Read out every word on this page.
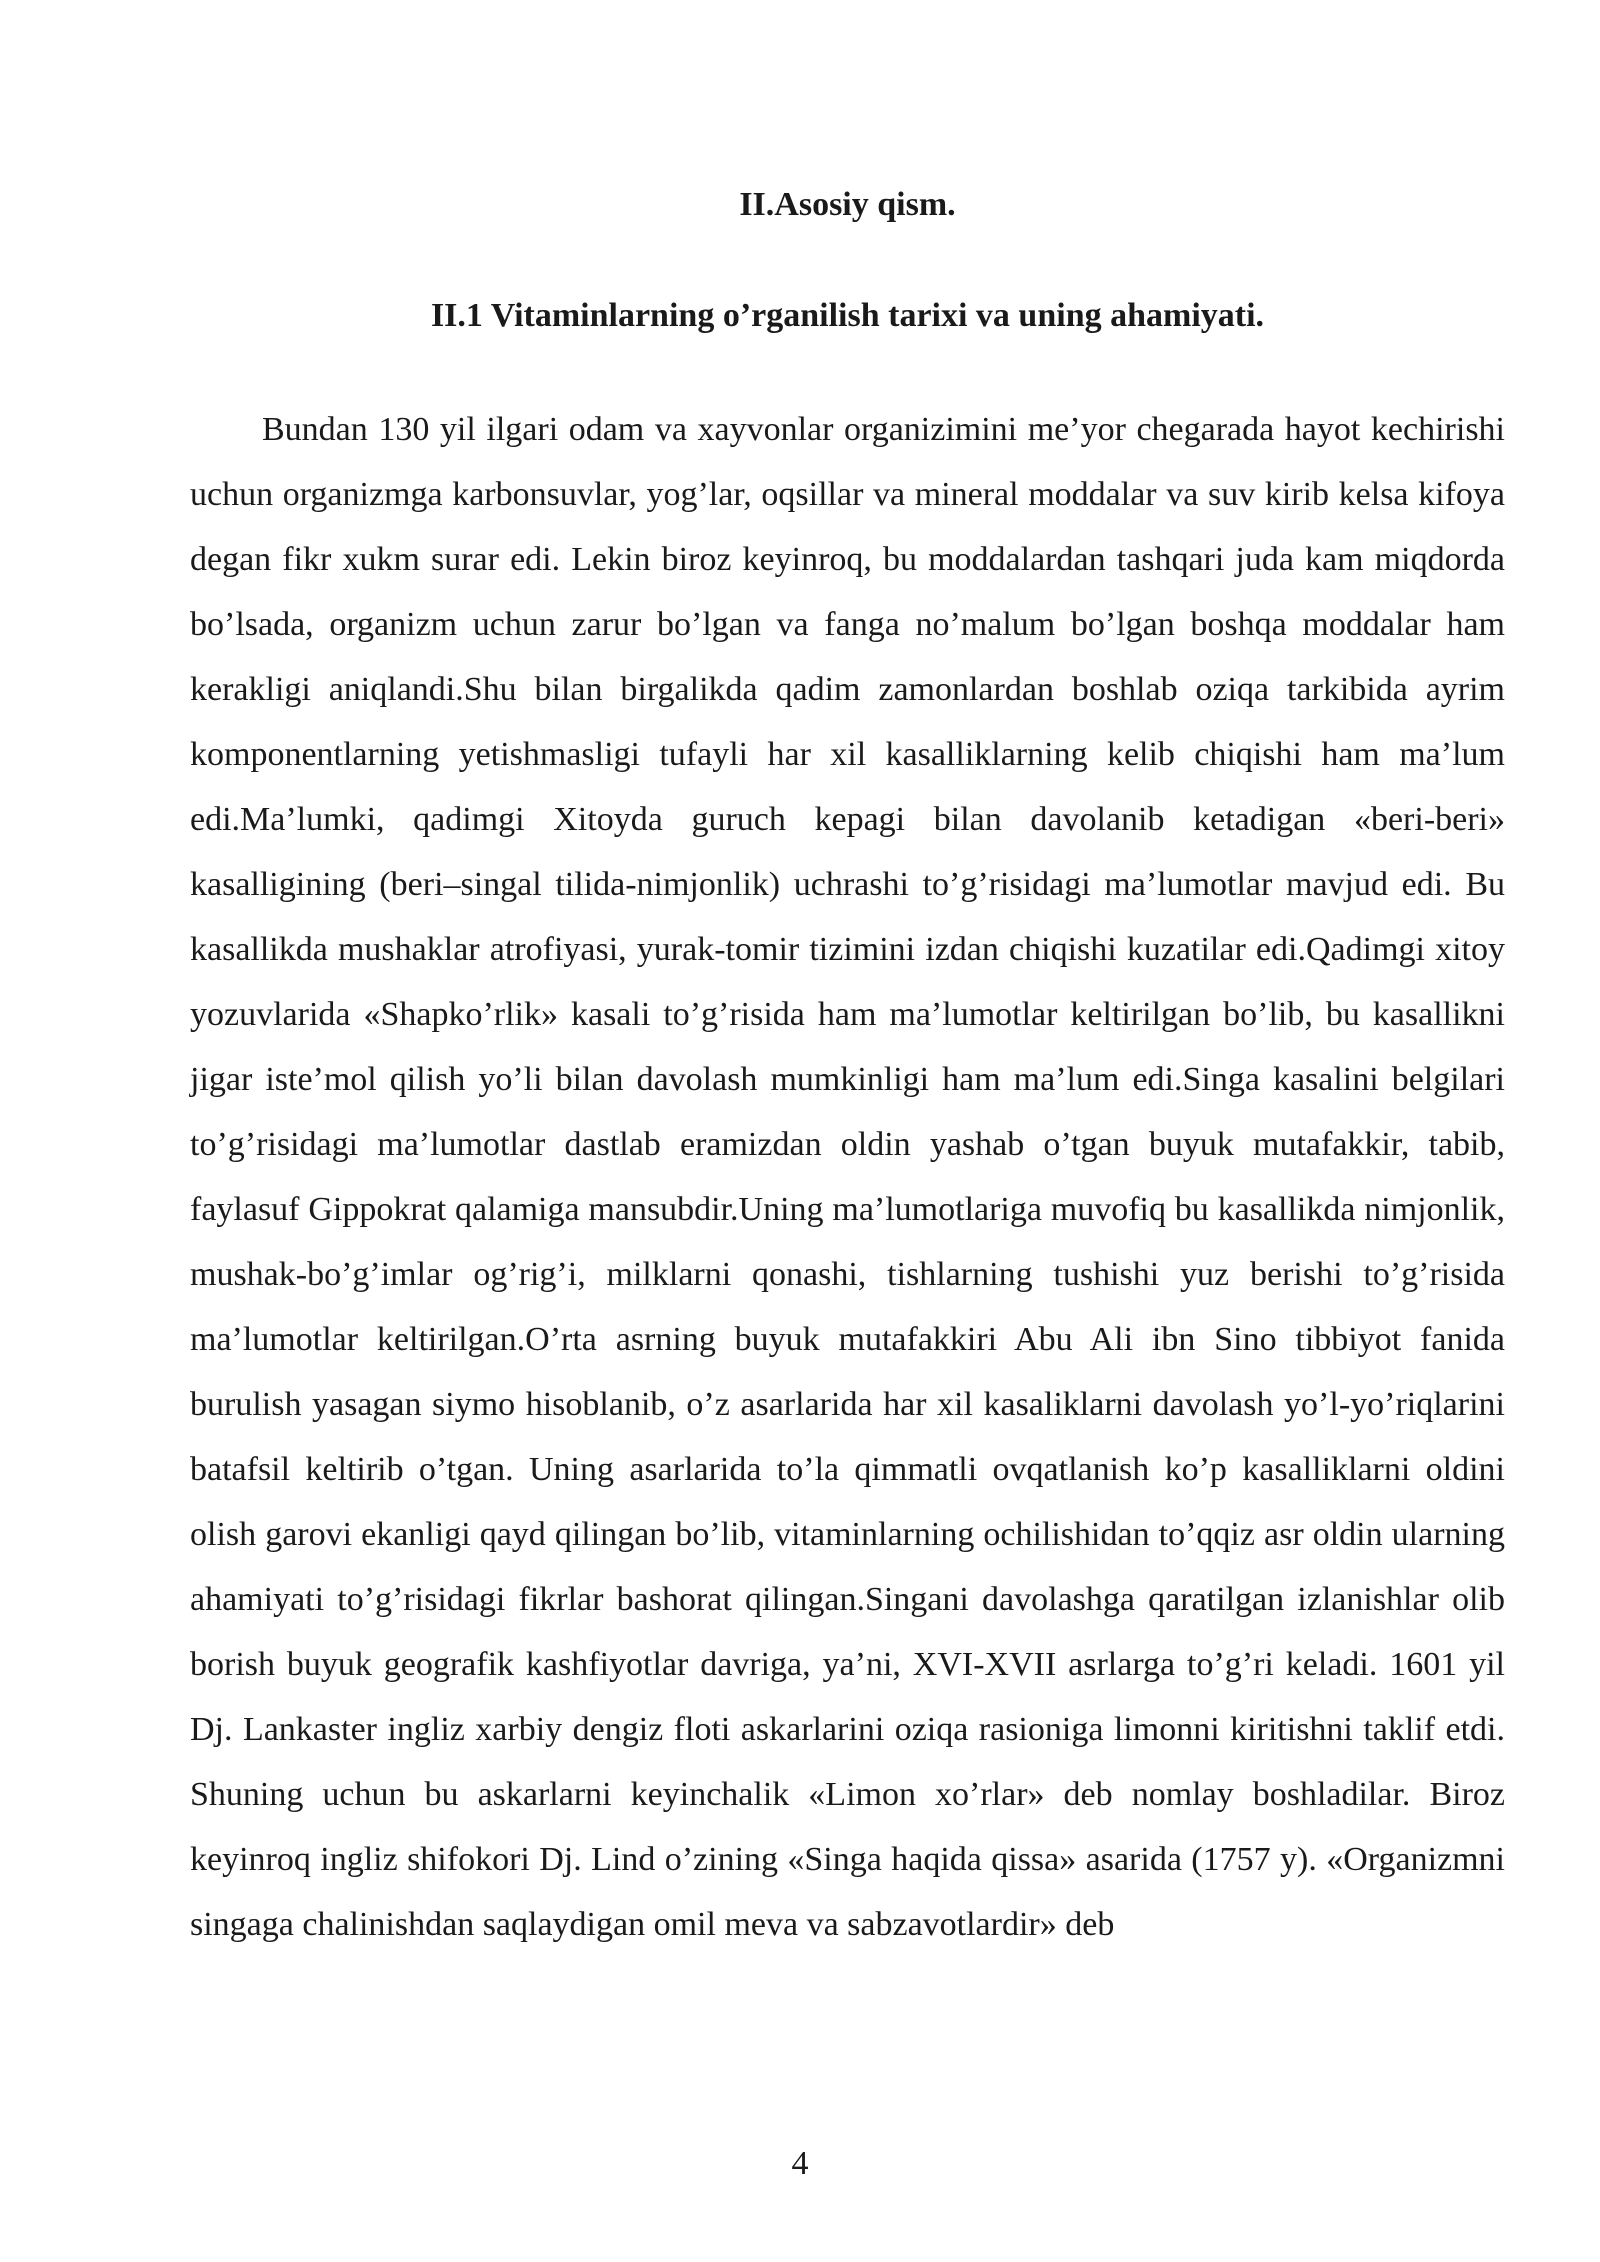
II.Asosiy qism.
II.1 Vitaminlarning o’rganilish tarixi va uning ahamiyati.

Bundan 130 yil ilgari odam va xayvonlar organizimini me’yor chegarada hayot kechirishi uchun organizmga karbonsuvlar, yog’lar, oqsillar va mineral moddalar va suv kirib kelsa kifoya degan fikr xukm surar edi. Lekin biroz keyinroq, bu moddalardan tashqari juda kam miqdorda bo’lsada, organizm uchun zarur bo’lgan va fanga no’malum bo’lgan boshqa moddalar ham kerakligi aniqlandi.Shu bilan birgalikda qadim zamonlardan boshlab oziqa tarkibida ayrim komponentlarning yetishmasligi tufayli har xil kasalliklarning kelib chiqishi ham ma’lum edi.Ma’lumki, qadimgi Xitoyda guruch kepagi bilan davolanib ketadigan «beri-beri» kasalligining (beri–singal tilida-nimjonlik) uchrashi to’g’risidagi ma’lumotlar mavjud edi. Bu kasallikda mushaklar atrofiyasi, yurak-tomir tizimini izdan chiqishi kuzatilar edi.Qadimgi xitoy yozuvlarida «Shapko’rlik» kasali to’g’risida ham ma’lumotlar keltirilgan bo’lib, bu kasallikni jigar iste’mol qilish yo’li bilan davolash mumkinligi ham ma’lum edi.Singa kasalini belgilari to’g’risidagi ma’lumotlar dastlab eramizdan oldin yashab o’tgan buyuk mutafakkir, tabib, faylasuf Gippokrat qalamiga mansubdir.Uning ma’lumotlariga muvofiq bu kasallikda nimjonlik, mushak-bo’g’imlar og’rig’i, milklarni qonashi, tishlarning tushishi yuz berishi to’g’risida ma’lumotlar keltirilgan.O’rta asrning buyuk mutafakkiri Abu Ali ibn Sino tibbiyot fanida burulish yasagan siymo hisoblanib, o’z asarlarida har xil kasaliklarni davolash yo’l-yo’riqlarini batafsil keltirib o’tgan. Uning asarlarida to’la qimmatli ovqatlanish ko’p kasalliklarni oldini olish garovi ekanligi qayd qilingan bo’lib, vitaminlarning ochilishidan to’qqiz asr oldin ularning ahamiyati to’g’risidagi fikrlar bashorat qilingan.Singani davolashga qaratilgan izlanishlar olib borish buyuk geografik kashfiyotlar davriga, ya’ni, XVI-XVII asrlarga to’g’ri keladi. 1601 yil Dj. Lankaster ingliz xarbiy dengiz floti askarlarini oziqa rasioniga limonni kiritishni taklif etdi. Shuning uchun bu askarlarni keyinchalik «Limon xo’rlar» deb nomlay boshladilar. Biroz keyinroq ingliz shifokori Dj. Lind o’zining «Singa haqida qissa» asarida (1757 y). «Organizmni singaga chalinishdan saqlaydigan omil meva va sabzavotlardir» deb

4
